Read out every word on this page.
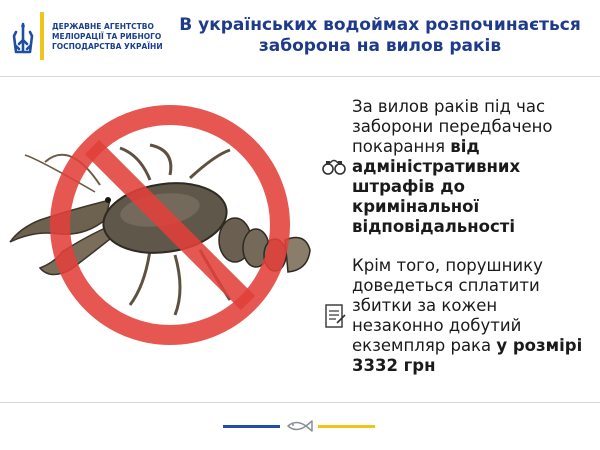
ДЕРЖАВНЕ АГЕНТСТВО
МЕЛІОРАЦІЇ ТА РИБНОГО
ГОСПОДАРСТВА УКРАЇНИ
В українських водоймах розпочинається
заборона на вилов раків
За вилов раків під час заборони передбачено покарання від адміністративних штрафів до кримінальної відповідальності
Крім того, порушнику доведеться сплатити збитки за кожен незаконно добутий екземпляр рака у розмірі 3332 грн
